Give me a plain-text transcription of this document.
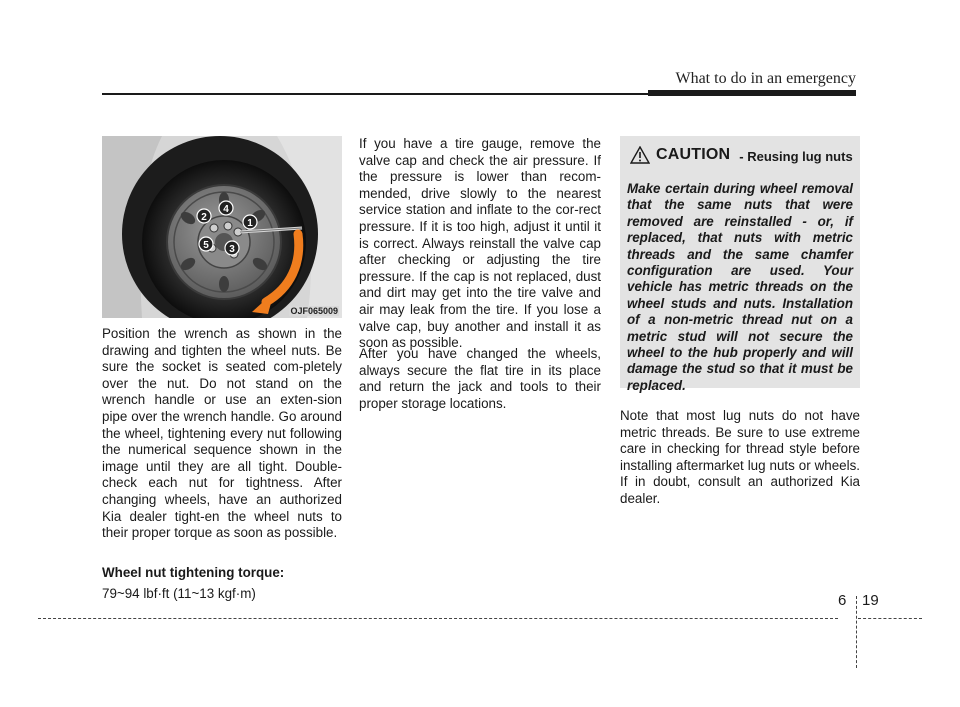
What to do in an emergency
1
2
3
4
5
OJF065009

Position the wrench as shown in the drawing and tighten the wheel nuts. Be sure the socket is seated com-pletely over the nut. Do not stand on the wrench handle or use an exten-sion pipe over the wrench handle. Go around the wheel, tightening every nut following the numerical sequence shown in the image until they are all tight. Double-check each nut for tightness. After changing wheels, have an authorized Kia dealer tight-en the wheel nuts to their proper torque as soon as possible.

Wheel nut tightening torque:
79~94 lbf·ft (11~13 kgf·m)

If you have a tire gauge, remove the valve cap and check the air pressure. If the pressure is lower than recom-mended, drive slowly to the nearest service station and inflate to the cor-rect pressure. If it is too high, adjust it until it is correct. Always reinstall the valve cap after checking or adjusting the tire pressure. If the cap is not replaced, dust and dirt may get into the tire valve and air may leak from the tire. If you lose a valve cap, buy another and install it as soon as possible.

After you have changed the wheels, always secure the flat tire in its place and return the jack and tools to their proper storage locations.

CAUTION - Reusing lug nuts

Make certain during wheel removal that the same nuts that were removed are reinstalled - or, if replaced, that nuts with metric threads and the same chamfer configuration are used. Your vehicle has metric threads on the wheel studs and nuts. Installation of a non-metric thread nut on a metric stud will not secure the wheel to the hub properly and will damage the stud so that it must be replaced.

Note that most lug nuts do not have metric threads. Be sure to use extreme care in checking for thread style before installing aftermarket lug nuts or wheels. If in doubt, consult an authorized Kia dealer.

6 19
